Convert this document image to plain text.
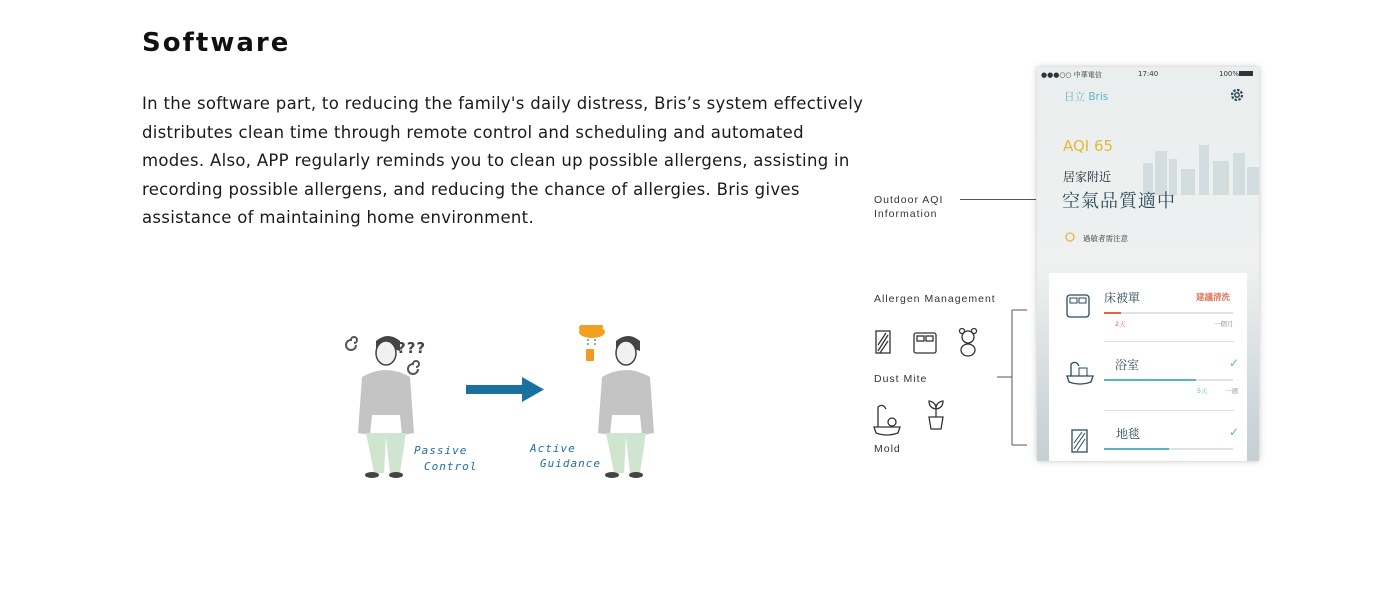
Software
In the software part, to reducing the family's daily distress, Bris’s system effectively
distributes clean time through remote control and scheduling and automated
modes. Also, APP regularly reminds you to clean up possible allergens, assisting in
recording possible allergens, and reducing the chance of allergies. Bris gives
assistance of maintaining home environment.
???
Passive
Control
Active
Guidance
Outdoor AQI
Information
Allergen Management
Dust Mite
Mold
●●●○○ 中華電信	17:40	100%
日立 Bris
AQI 65
居家附近
空氣品質適中
過敏者需注意
床被單	建議清洗
2天	一個月
浴室	✓
5天	一週
地毯	✓
